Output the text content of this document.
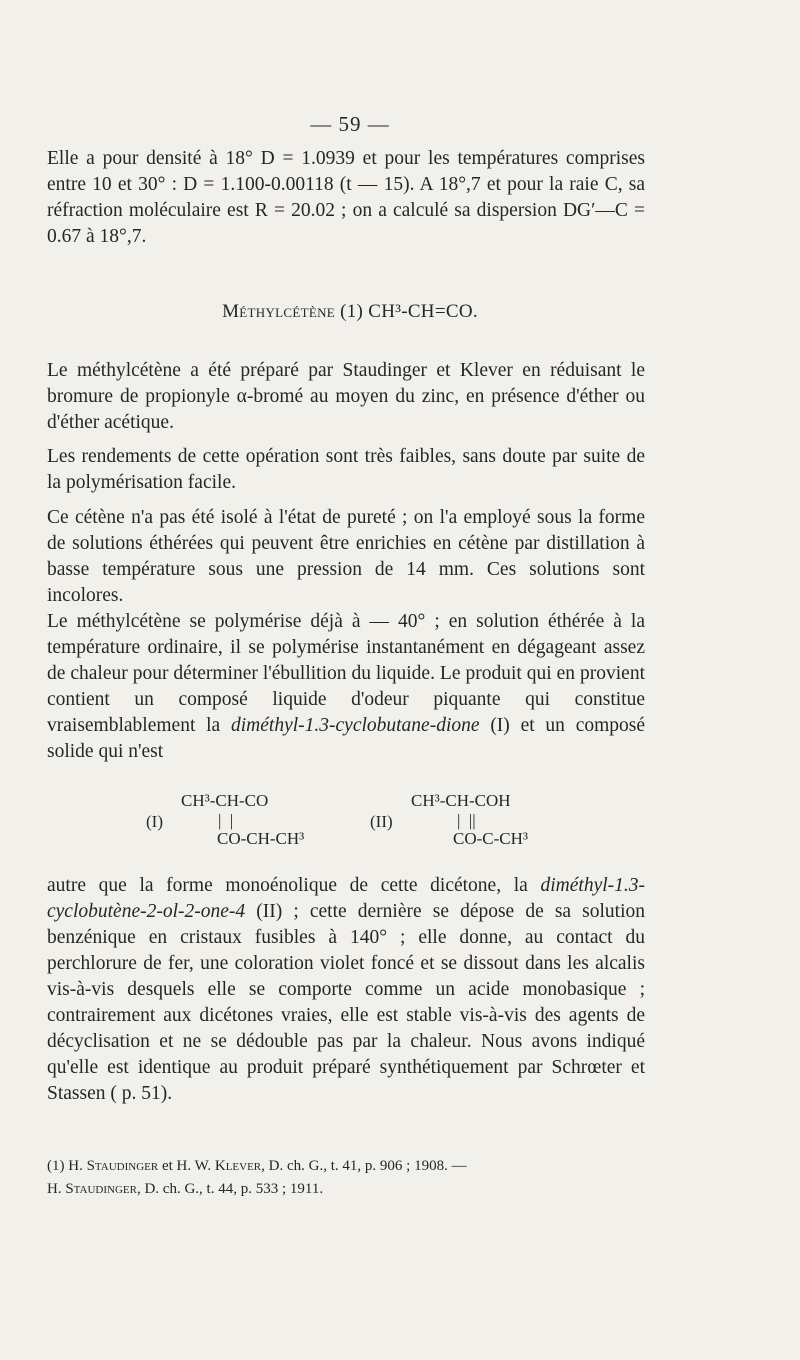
— 59 —

Elle a pour densité à 18° D = 1.0939 et pour les températures comprises entre 10 et 30° : D = 1.100-0.00118 (t — 15). A 18°,7 et pour la raie C, sa réfraction moléculaire est R = 20.02 ; on a calculé sa dispersion DG′—C = 0.67 à 18°,7.

Méthylcétène (1) CH³-CH=CO.

Le méthylcétène a été préparé par Staudinger et Klever en réduisant le bromure de propionyle α-bromé au moyen du zinc, en présence d'éther ou d'éther acétique.

Les rendements de cette opération sont très faibles, sans doute par suite de la polymérisation facile.

Ce cétène n'a pas été isolé à l'état de pureté ; on l'a employé sous la forme de solutions éthérées qui peuvent être enrichies en cétène par distillation à basse température sous une pression de 14 mm. Ces solutions sont incolores.

Le méthylcétène se polymérise déjà à — 40° ; en solution éthérée à la température ordinaire, il se polymérise instantanément en dégageant assez de chaleur pour déterminer l'ébullition du liquide. Le produit qui en provient contient un composé liquide d'odeur piquante qui constitue vraisemblablement la diméthyl-1.3-cyclobutane-dione (I) et un composé solide qui n'est

(I)
CH³-CH-CO
|  |
CO-CH-CH³
(II)
CH³-CH-COH
|  ||
CO-C-CH³

autre que la forme monoénolique de cette dicétone, la diméthyl-1.3-cyclobutène-2-ol-2-one-4 (II) ; cette dernière se dépose de sa solution benzénique en cristaux fusibles à 140° ; elle donne, au contact du perchlorure de fer, une coloration violet foncé et se dissout dans les alcalis vis-à-vis desquels elle se comporte comme un acide monobasique ; contrairement aux dicétones vraies, elle est stable vis-à-vis des agents de décyclisation et ne se dédouble pas par la chaleur. Nous avons indiqué qu'elle est identique au produit préparé synthétiquement par Schrœter et Stassen ( p. 51).

(1) H. Staudinger et H. W. Klever, D. ch. G., t. 41, p. 906 ; 1908. —
H. Staudinger, D. ch. G., t. 44, p. 533 ; 1911.
